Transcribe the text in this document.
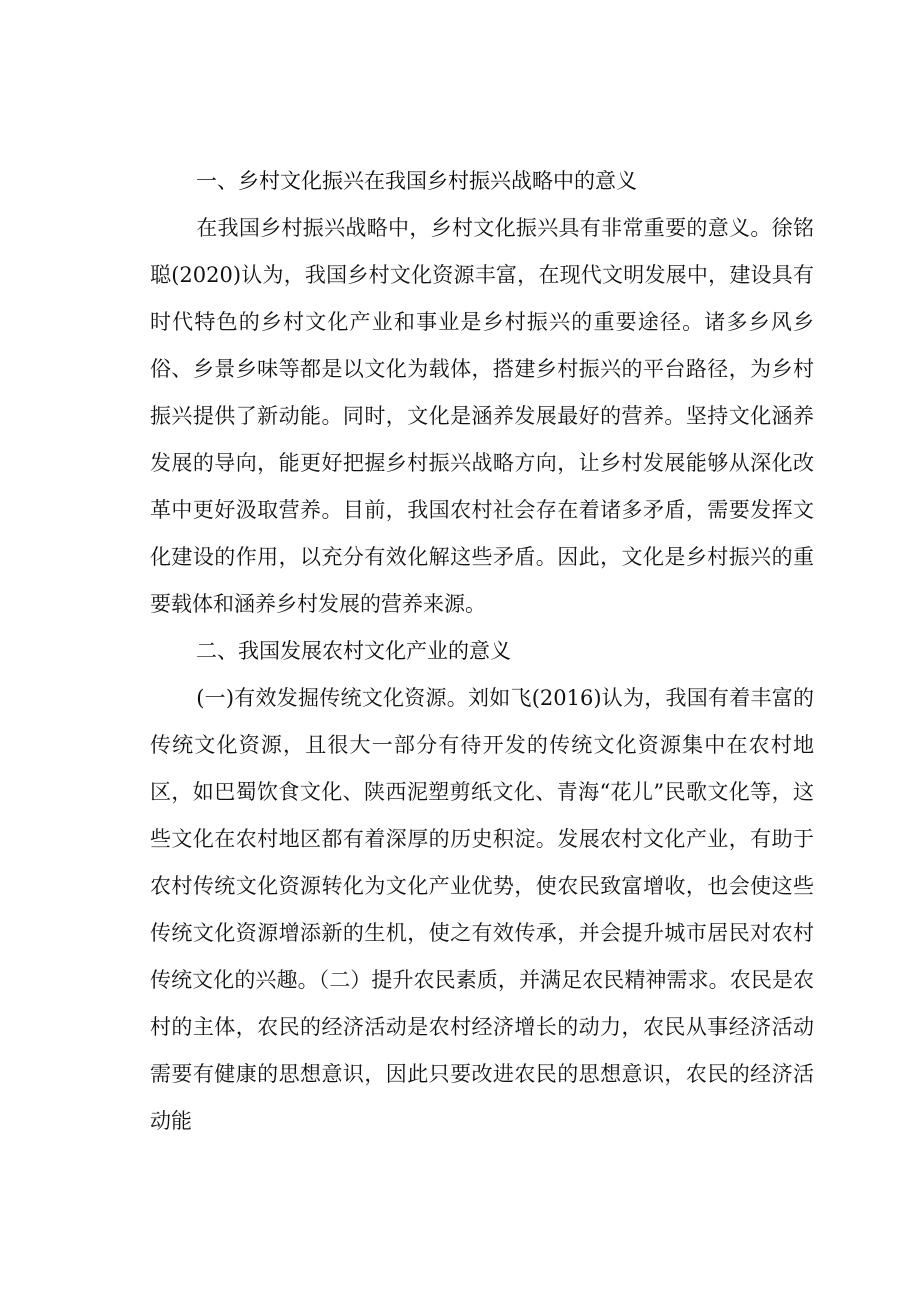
一、乡村文化振兴在我国乡村振兴战略中的意义

在我国乡村振兴战略中，乡村文化振兴具有非常重要的意义。徐铭聪(2020)认为，我国乡村文化资源丰富，在现代文明发展中，建设具有时代特色的乡村文化产业和事业是乡村振兴的重要途径。诸多乡风乡俗、乡景乡味等都是以文化为载体，搭建乡村振兴的平台路径，为乡村振兴提供了新动能。同时，文化是涵养发展最好的营养。坚持文化涵养发展的导向，能更好把握乡村振兴战略方向，让乡村发展能够从深化改革中更好汲取营养。目前，我国农村社会存在着诸多矛盾，需要发挥文化建设的作用，以充分有效化解这些矛盾。因此，文化是乡村振兴的重要载体和涵养乡村发展的营养来源。

二、我国发展农村文化产业的意义

(一)有效发掘传统文化资源。刘如飞(2016)认为，我国有着丰富的传统文化资源，且很大一部分有待开发的传统文化资源集中在农村地区，如巴蜀饮食文化、陕西泥塑剪纸文化、青海“花儿”民歌文化等，这些文化在农村地区都有着深厚的历史积淀。发展农村文化产业，有助于农村传统文化资源转化为文化产业优势，使农民致富增收，也会使这些传统文化资源增添新的生机，使之有效传承，并会提升城市居民对农村传统文化的兴趣。（二）提升农民素质，并满足农民精神需求。农民是农村的主体，农民的经济活动是农村经济增长的动力，农民从事经济活动需要有健康的思想意识，因此只要改进农民的思想意识，农民的经济活动能
